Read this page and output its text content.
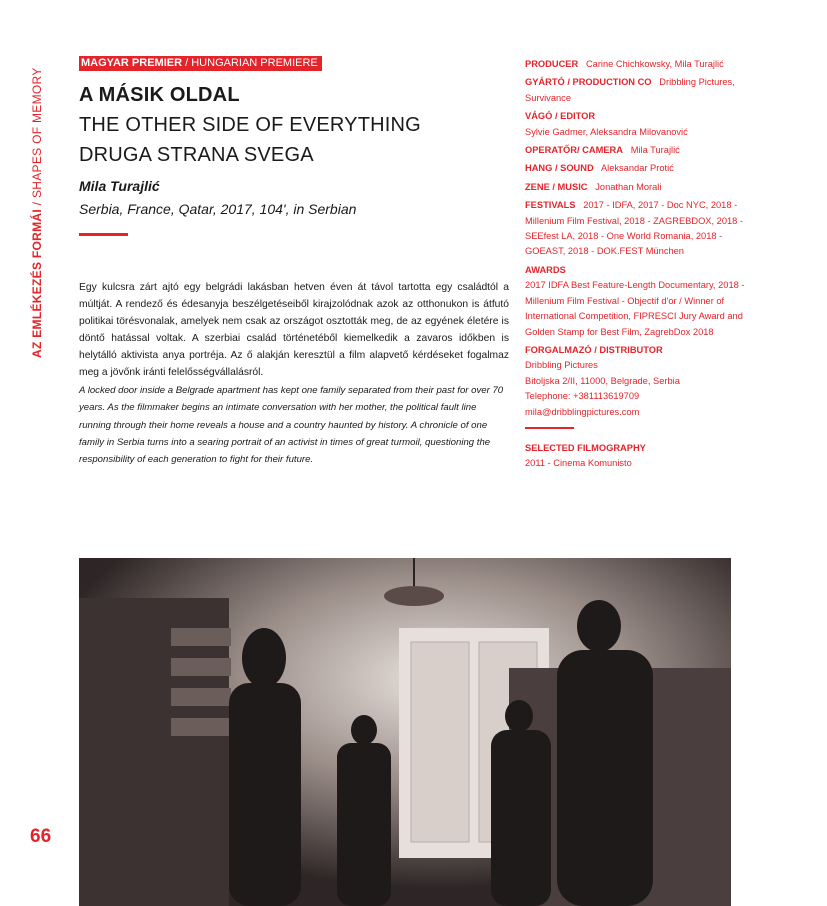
AZ EMLÉKEZÉS FORMÁI / SHAPES OF MEMORY
66
MAGYAR PREMIER / HUNGARIAN PREMIERE
A MÁSIK OLDAL
THE OTHER SIDE OF EVERYTHING
DRUGA STRANA SVEGA
Mila Turajlić
Serbia, France, Qatar, 2017, 104', in Serbian
Egy kulcsra zárt ajtó egy belgrádi lakásban hetven éven át távol tartotta egy családtól a múltját. A rendező és édesanyja beszélgetéseiből kirajzolódnak azok az otthonukon is átfutó politikai törésvonalak, amelyek nem csak az országot osztották meg, de az egyének életére is döntő hatással voltak. A szerbiai család történetéből kiemelkedik a zavaros időkben is helytálló aktivista anya portréja. Az ő alakján keresztül a film alapvető kérdéseket fogalmaz meg a jövőnk iránti felelősségvállalásról.
A locked door inside a Belgrade apartment has kept one family separated from their past for over 70 years. As the filmmaker begins an intimate conversation with her mother, the political fault line running through their home reveals a house and a country haunted by history. A chronicle of one family in Serbia turns into a searing portrait of an activist in times of great turmoil, questioning the responsibility of each generation to fight for their future.

PRODUCER Carine Chichkowsky, Mila Turajlić

GYÁRTÓ / PRODUCTION CO Dribbling Pictures, Survivance

VÁGÓ / EDITOR
Sylvie Gadmer, Aleksandra Milovanović

OPERATŐR/ CAMERA Mila Turajlić

HANG / SOUND Aleksandar Protić

ZENE / MUSIC Jonathan Morali

FESTIVALS 2017 - IDFA, 2017 - Doc NYC, 2018 - Millenium Film Festival, 2018 - ZAGREBDOX, 2018 - SEEfest LA, 2018 - One World Romania, 2018 - GOEAST, 2018 - DOK.FEST München

AWARDS
2017 IDFA Best Feature-Length Documentary, 2018 - Millenium Film Festival - Objectif d'or / Winner of International Competition, FIPRESCI Jury Award and Golden Stamp for Best Film, ZagrebDox 2018

FORGALMAZÓ / DISTRIBUTOR
Dribbling Pictures
Bitoljska 2/II, 11000, Belgrade, Serbia
Telephone: +381113619709
mila@dribblingpictures.com

SELECTED FILMOGRAPHY
2011 - Cinema Komunisto
